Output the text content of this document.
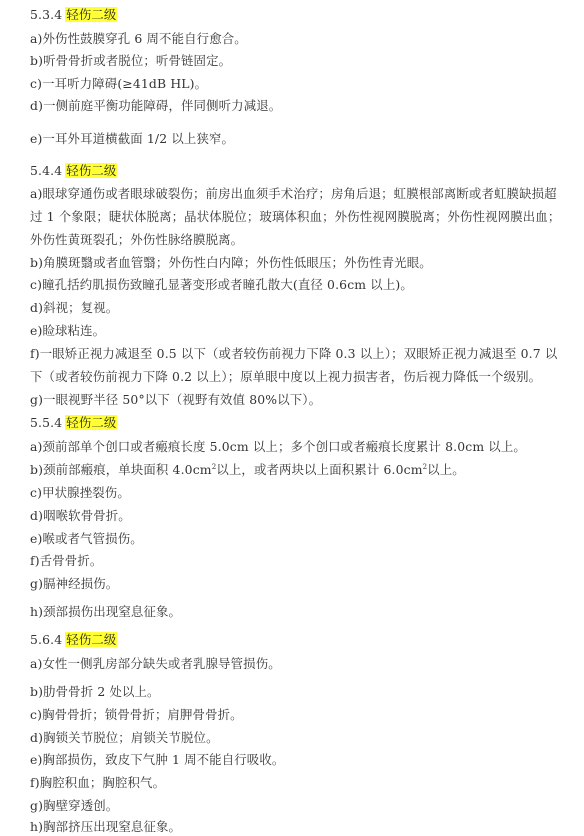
5.3.4 轻伤二级
a)外伤性鼓膜穿孔 6 周不能自行愈合。
b)听骨骨折或者脱位；听骨链固定。
c)一耳听力障碍(≥41dB HL)。
d)一侧前庭平衡功能障碍，伴同侧听力减退。
e)一耳外耳道横截面 1/2 以上狭窄。
5.4.4 轻伤二级
a)眼球穿通伤或者眼球破裂伤；前房出血须手术治疗；房角后退；虹膜根部离断或者虹膜缺损超
过 1 个象限；睫状体脱离；晶状体脱位；玻璃体积血；外伤性视网膜脱离；外伤性视网膜出血；
外伤性黄斑裂孔；外伤性脉络膜脱离。
b)角膜斑翳或者血管翳；外伤性白内障；外伤性低眼压；外伤性青光眼。
c)瞳孔括约肌损伤致瞳孔显著变形或者瞳孔散大(直径 0.6cm 以上)。
d)斜视；复视。
e)睑球粘连。
f)一眼矫正视力减退至 0.5 以下（或者较伤前视力下降 0.3 以上）；双眼矫正视力减退至 0.7 以
下（或者较伤前视力下降 0.2 以上）；原单眼中度以上视力损害者，伤后视力降低一个级别。
g)一眼视野半径 50°以下（视野有效值 80%以下）。
5.5.4 轻伤二级
a)颈前部单个创口或者瘢痕长度 5.0cm 以上；多个创口或者瘢痕长度累计 8.0cm 以上。
b)颈前部瘢痕，单块面积 $4.0cm^2$以上，或者两块以上面积累计 $6.0cm^2$以上。
c)甲状腺挫裂伤。
d)咽喉软骨骨折。
e)喉或者气管损伤。
f)舌骨骨折。
g)膈神经损伤。
h)颈部损伤出现窒息征象。
5.6.4 轻伤二级
a)女性一侧乳房部分缺失或者乳腺导管损伤。
b)肋骨骨折 2 处以上。
c)胸骨骨折；锁骨骨折；肩胛骨骨折。
d)胸锁关节脱位；肩锁关节脱位。
e)胸部损伤，致皮下气肿 1 周不能自行吸收。
f)胸腔积血；胸腔积气。
g)胸壁穿透创。
h)胸部挤压出现窒息征象。
